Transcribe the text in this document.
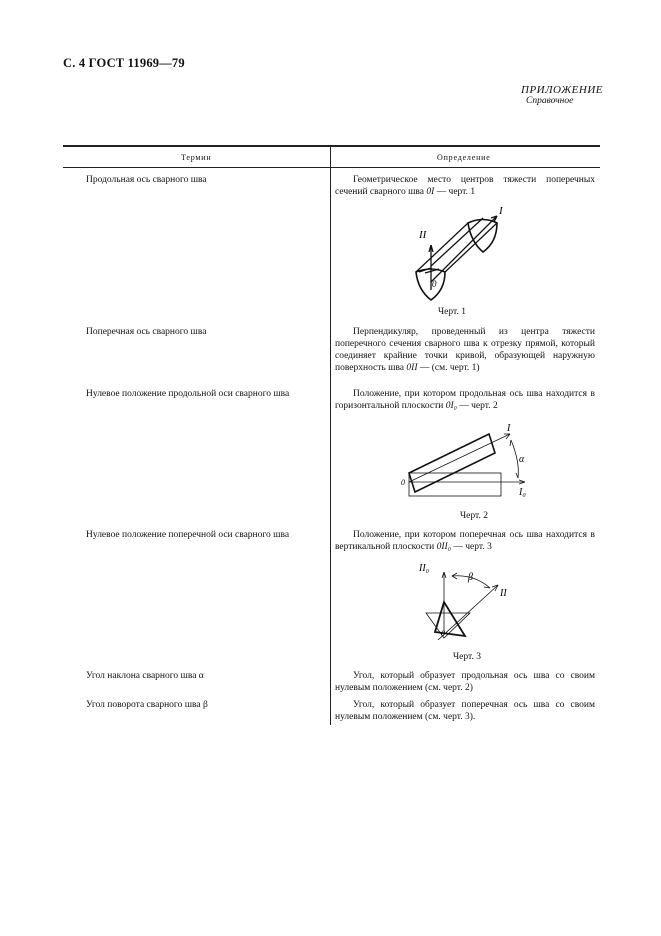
С. 4 ГОСТ 11969—79
ПРИЛОЖЕНИЕ
Справочное
Термин	Определение
Продольная ось сварного шва	Геометрическое место центров тяжести поперечных сечений сварного шва 0I — черт. 1
I
II
0
Черт. 1
Поперечная ось сварного шва	Перпендикуляр, проведенный из центра тяжести поперечного сечения сварного шва к отрезку прямой, который соединяет крайние точки кривой, образующей наружную поверхность шва 0II — (см. черт. 1)
Нулевое положение продольной оси сварного шва	Положение, при котором продольная ось шва находится в горизонтальной плоскости 0I₀ — черт. 2
I
I₀
0
α
Черт. 2
Нулевое положение поперечной оси сварного шва	Положение, при котором поперечная ось шва находится в вертикальной плоскости 0II₀ — черт. 3
II₀
II
β
0
Черт. 3
Угол наклона сварного шва α	Угол, который образует продольная ось шва со своим нулевым положением (см. черт. 2)
Угол поворота сварного шва β	Угол, который образует поперечная ось шва со своим нулевым положением (см. черт. 3).
